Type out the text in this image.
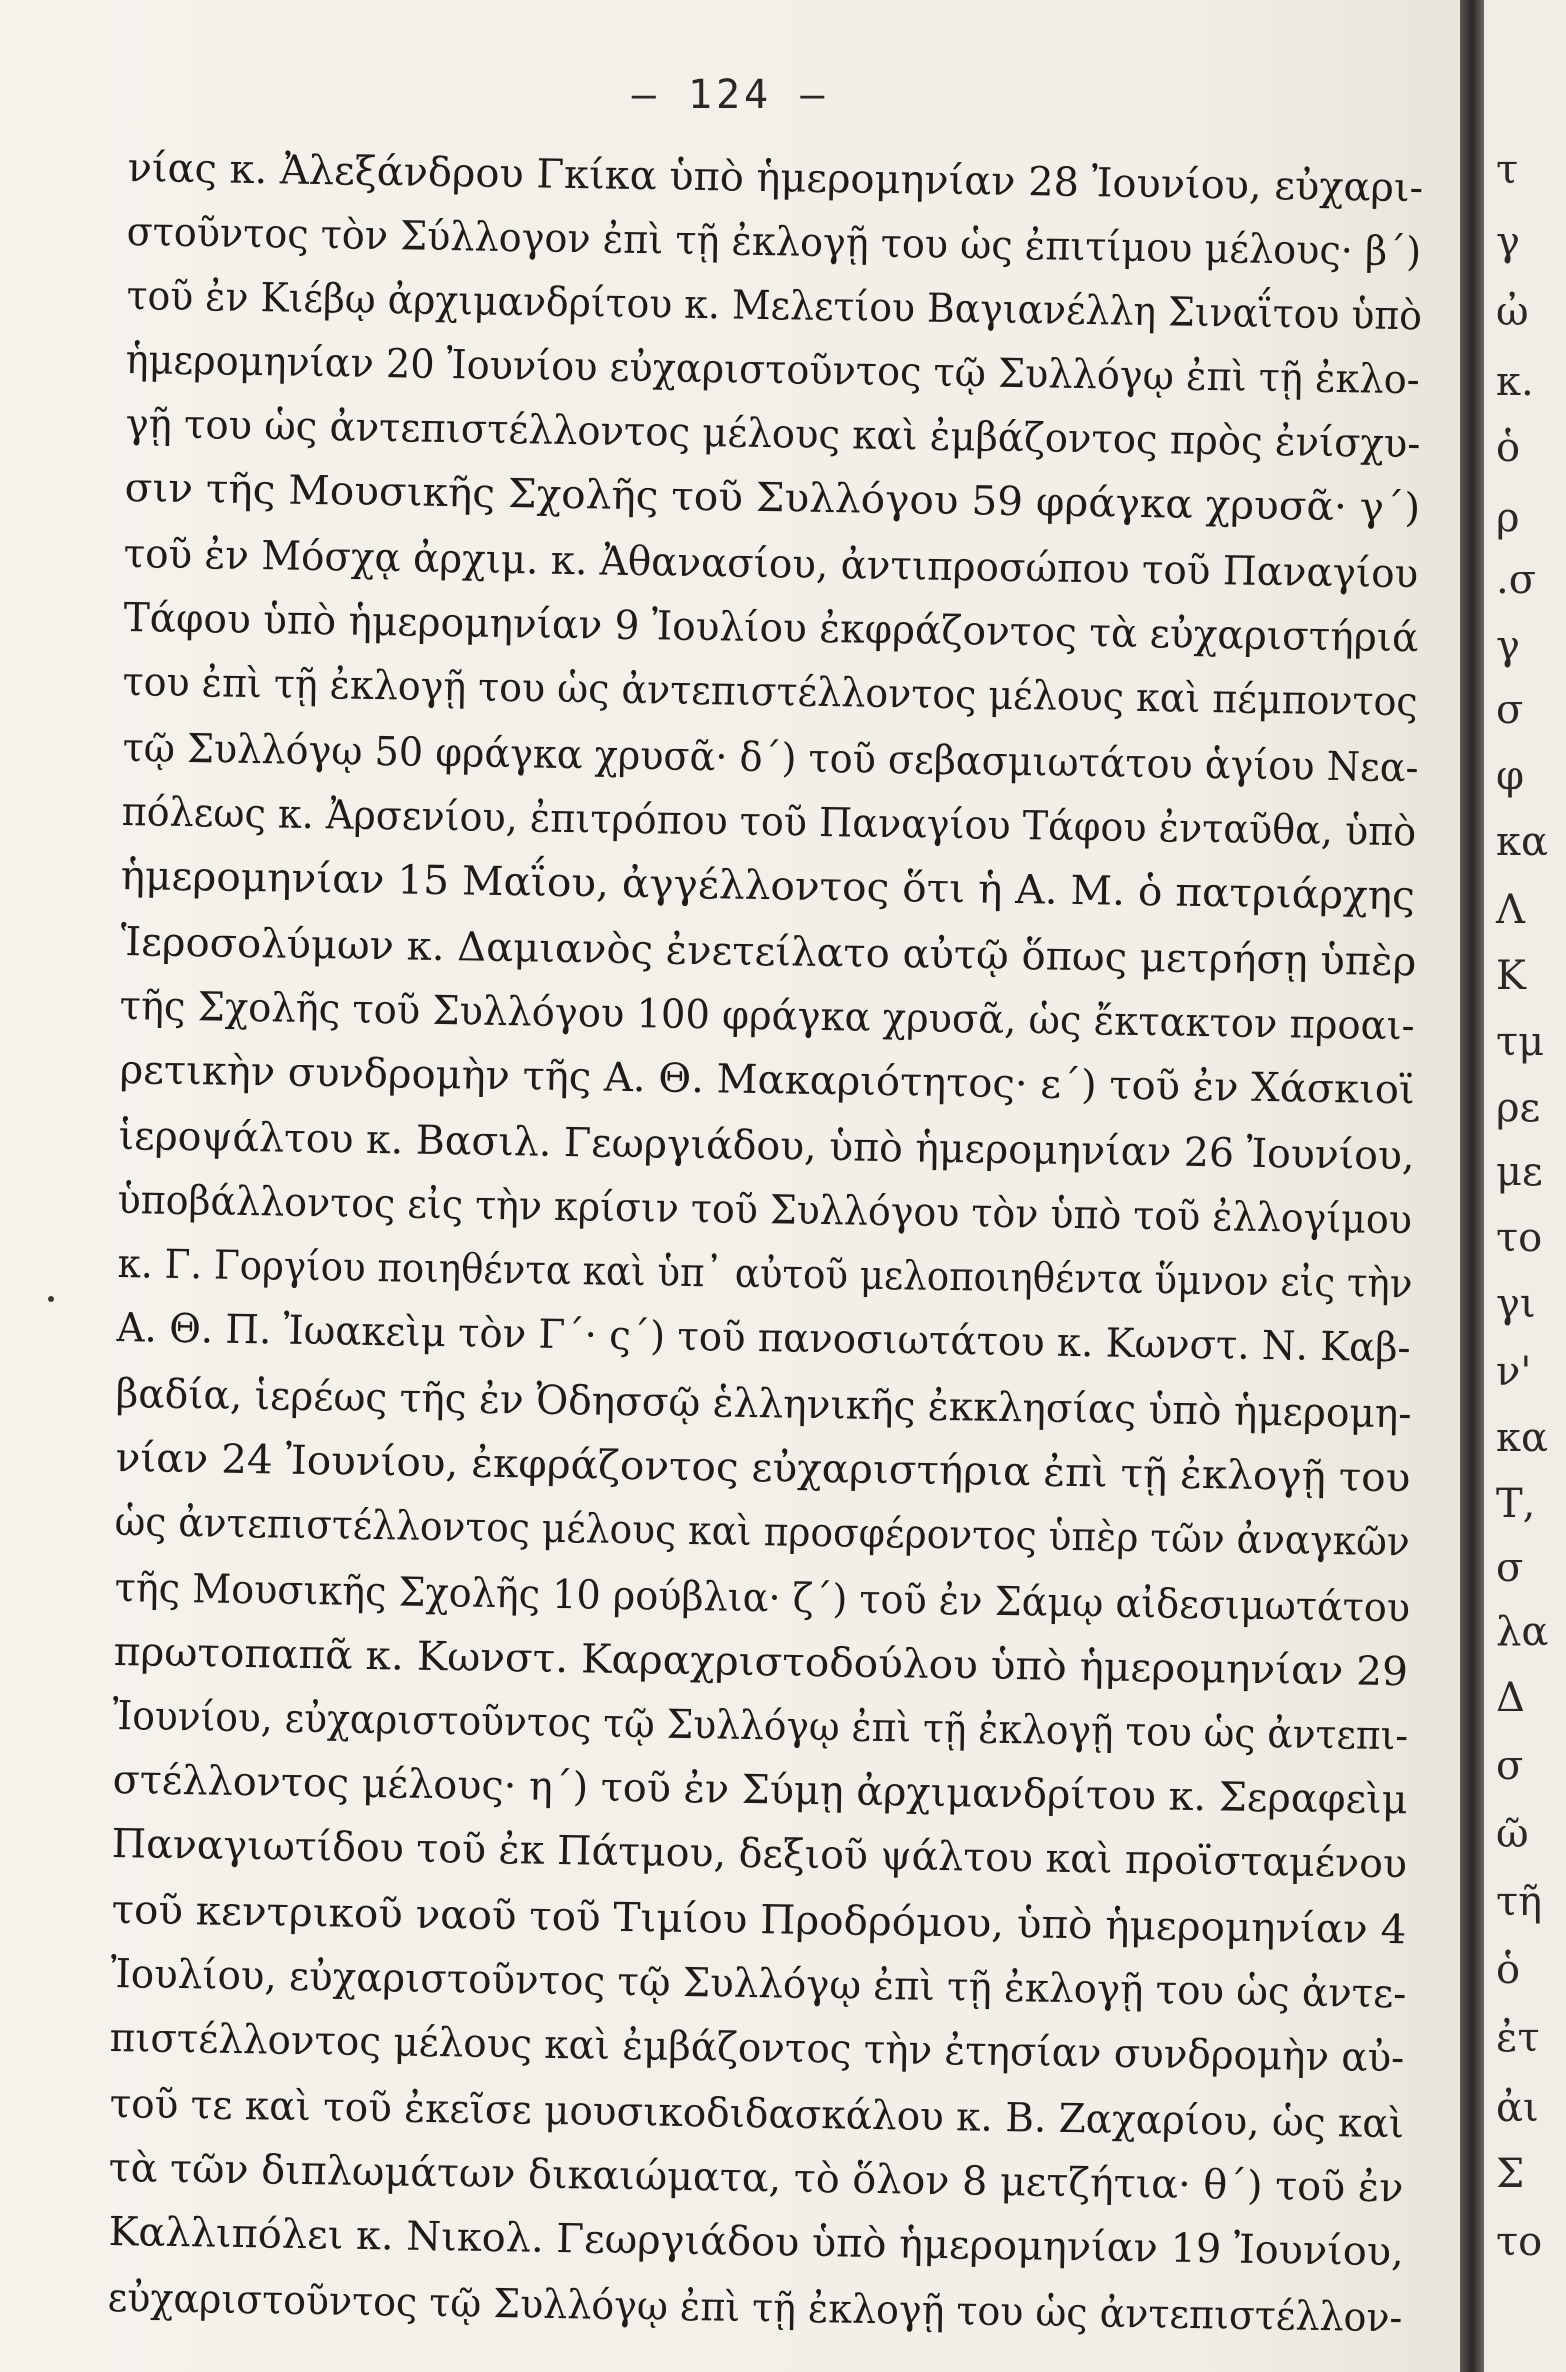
— 124 —
νίας κ. Ἀλεξάνδρου Γκίκα ὑπὸ ἡμερομηνίαν 28 Ἰουνίου, εὐχαρι-
στοῦντος τὸν Σύλλογον ἐπὶ τῇ ἐκλογῇ του ὡς ἐπιτίμου μέλους· β΄)
τοῦ ἐν Κιέβῳ ἀρχιμανδρίτου κ. Μελετίου Βαγιανέλλη Σιναΐτου ὑπὸ
ἡμερομηνίαν 20 Ἰουνίου εὐχαριστοῦντος τῷ Συλλόγῳ ἐπὶ τῇ ἐκλο-
γῇ του ὡς ἀντεπιστέλλοντος μέλους καὶ ἐμβάζοντος πρὸς ἐνίσχυ-
σιν τῆς Μουσικῆς Σχολῆς τοῦ Συλλόγου 59 φράγκα χρυσᾶ· γ΄)
τοῦ ἐν Μόσχᾳ ἀρχιμ. κ. Ἀθανασίου, ἀντιπροσώπου τοῦ Παναγίου
Τάφου ὑπὸ ἡμερομηνίαν 9 Ἰουλίου ἐκφράζοντος τὰ εὐχαριστήριά
του ἐπὶ τῇ ἐκλογῇ του ὡς ἀντεπιστέλλοντος μέλους καὶ πέμποντος
τῷ Συλλόγῳ 50 φράγκα χρυσᾶ· δ΄) τοῦ σεβασμιωτάτου ἁγίου Νεα-
πόλεως κ. Ἀρσενίου, ἐπιτρόπου τοῦ Παναγίου Τάφου ἐνταῦθα, ὑπὸ
ἡμερομηνίαν 15 Μαΐου, ἀγγέλλοντος ὅτι ἡ Α. Μ. ὁ πατριάρχης
Ἱεροσολύμων κ. Δαμιανὸς ἐνετείλατο αὐτῷ ὅπως μετρήσῃ ὑπὲρ
τῆς Σχολῆς τοῦ Συλλόγου 100 φράγκα χρυσᾶ, ὡς ἔκτακτον προαι-
ρετικὴν συνδρομὴν τῆς Α. Θ. Μακαριότητος· ε΄) τοῦ ἐν Χάσκιοϊ
ἱεροψάλτου κ. Βασιλ. Γεωργιάδου, ὑπὸ ἡμερομηνίαν 26 Ἰουνίου,
ὑποβάλλοντος εἰς τὴν κρίσιν τοῦ Συλλόγου τὸν ὑπὸ τοῦ ἐλλογίμου
κ. Γ. Γοργίου ποιηθέντα καὶ ὑπ᾿ αὐτοῦ μελοποιηθέντα ὕμνον εἰς τὴν
Α. Θ. Π. Ἰωακεὶμ τὸν Γ΄· ς΄) τοῦ πανοσιωτάτου κ. Κωνστ. Ν. Καβ-
βαδία, ἱερέως τῆς ἐν Ὀδησσῷ ἑλληνικῆς ἐκκλησίας ὑπὸ ἡμερομη-
νίαν 24 Ἰουνίου, ἐκφράζοντος εὐχαριστήρια ἐπὶ τῇ ἐκλογῇ του
ὡς ἀντεπιστέλλοντος μέλους καὶ προσφέροντος ὑπὲρ τῶν ἀναγκῶν
τῆς Μουσικῆς Σχολῆς 10 ρούβλια· ζ΄) τοῦ ἐν Σάμῳ αἰδεσιμωτάτου
πρωτοπαπᾶ κ. Κωνστ. Καραχριστοδούλου ὑπὸ ἡμερομηνίαν 29
Ἰουνίου, εὐχαριστοῦντος τῷ Συλλόγῳ ἐπὶ τῇ ἐκλογῇ του ὡς ἀντεπι-
στέλλοντος μέλους· η΄) τοῦ ἐν Σύμῃ ἀρχιμανδρίτου κ. Σεραφεὶμ
Παναγιωτίδου τοῦ ἐκ Πάτμου, δεξιοῦ ψάλτου καὶ προϊσταμένου
τοῦ κεντρικοῦ ναοῦ τοῦ Τιμίου Προδρόμου, ὑπὸ ἡμερομηνίαν 4
Ἰουλίου, εὐχαριστοῦντος τῷ Συλλόγῳ ἐπὶ τῇ ἐκλογῇ του ὡς ἀντε-
πιστέλλοντος μέλους καὶ ἐμβάζοντος τὴν ἐτησίαν συνδρομὴν αὐ-
τοῦ τε καὶ τοῦ ἐκεῖσε μουσικοδιδασκάλου κ. Β. Ζαχαρίου, ὡς καὶ
τὰ τῶν διπλωμάτων δικαιώματα, τὸ ὅλον 8 μετζήτια· θ΄) τοῦ ἐν
Καλλιπόλει κ. Νικολ. Γεωργιάδου ὑπὸ ἡμερομηνίαν 19 Ἰουνίου,
εὐχαριστοῦντος τῷ Συλλόγῳ ἐπὶ τῇ ἐκλογῇ του ὡς ἀντεπιστέλλον-
τ
γ
ὠ
κ.
ὁ
ρ
.σ
γ
σ
φ
κα
Λ
Κ
τμ
ρε
με
το
γι
ν'
κα
Τ,
σ
λα
Δ
σ
ῶ
τῆ
ὁ
ἐτ
ἀι
Σ
το
